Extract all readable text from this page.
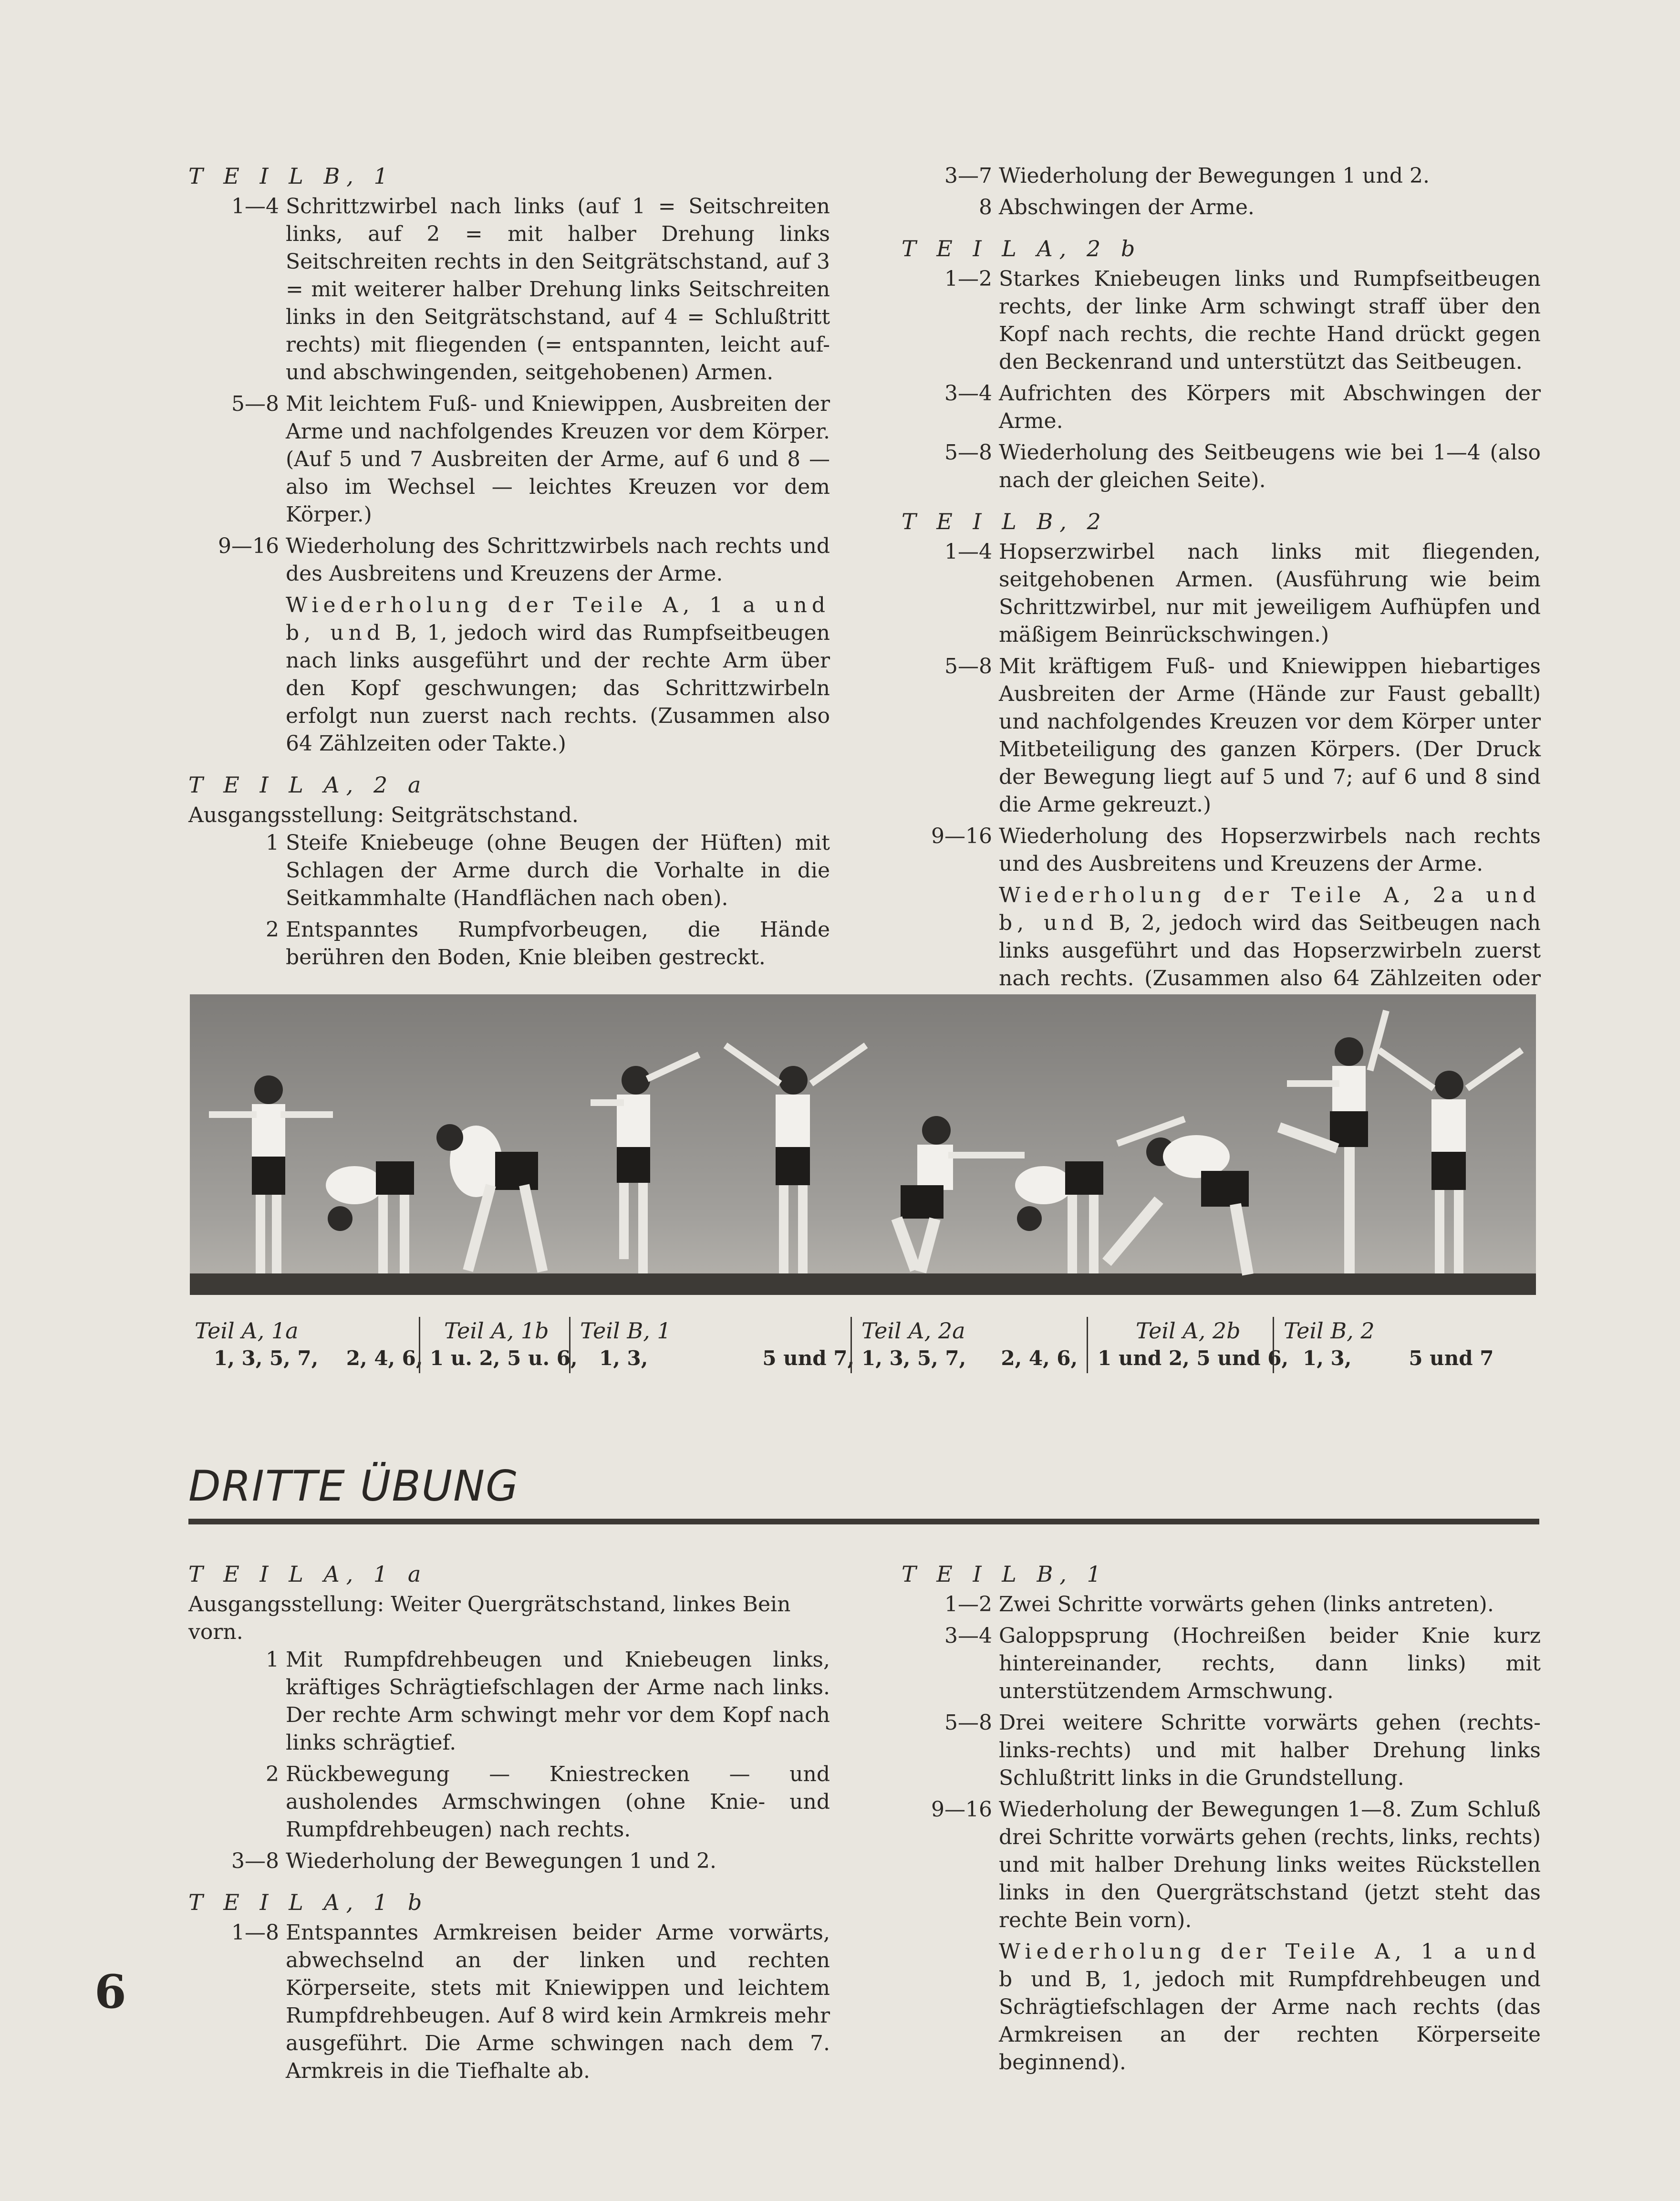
T E I L B, 1
1—4 Schrittzwirbel nach links (auf 1 = Seitschreiten links, auf 2 = mit halber Drehung links Seitschreiten rechts in den Seitgrätschstand, auf 3 = mit weiterer halber Drehung links Seitschreiten links in den Seitgrätschstand, auf 4 = Schlußtritt rechts) mit fliegenden (= entspannten, leicht auf- und abschwingenden, seitgehobenen) Armen.
5—8 Mit leichtem Fuß- und Kniewippen, Ausbreiten der Arme und nachfolgendes Kreuzen vor dem Körper. (Auf 5 und 7 Ausbreiten der Arme, auf 6 und 8 — also im Wechsel — leichtes Kreuzen vor dem Körper.)
9—16 Wiederholung des Schrittzwirbels nach rechts und des Ausbreitens und Kreuzens der Arme.
Wiederholung der Teile A, 1 a und b, und B, 1, jedoch wird das Rumpfseitbeugen nach links ausgeführt und der rechte Arm über den Kopf geschwungen; das Schrittzwirbeln erfolgt nun zuerst nach rechts. (Zusammen also 64 Zählzeiten oder Takte.)
T E I L A, 2 a
Ausgangsstellung: Seitgrätschstand.
1 Steife Kniebeuge (ohne Beugen der Hüften) mit Schlagen der Arme durch die Vorhalte in die Seitkammhalte (Handflächen nach oben).
2 Entspanntes Rumpfvorbeugen, die Hände berühren den Boden, Knie bleiben gestreckt.
3—7 Wiederholung der Bewegungen 1 und 2.
8 Abschwingen der Arme.
T E I L A, 2 b
1—2 Starkes Kniebeugen links und Rumpfseitbeugen rechts, der linke Arm schwingt straff über den Kopf nach rechts, die rechte Hand drückt gegen den Beckenrand und unterstützt das Seitbeugen.
3—4 Aufrichten des Körpers mit Abschwingen der Arme.
5—8 Wiederholung des Seitbeugens wie bei 1—4 (also nach der gleichen Seite).
T E I L B, 2
1—4 Hopserzwirbel nach links mit fliegenden, seitgehobenen Armen. (Ausführung wie beim Schrittzwirbel, nur mit jeweiligem Aufhüpfen und mäßigem Beinrückschwingen.)
5—8 Mit kräftigem Fuß- und Kniewippen hiebartiges Ausbreiten der Arme (Hände zur Faust geballt) und nachfolgendes Kreuzen vor dem Körper unter Mitbeteiligung des ganzen Körpers. (Der Druck der Bewegung liegt auf 5 und 7; auf 6 und 8 sind die Arme gekreuzt.)
9—16 Wiederholung des Hopserzwirbels nach rechts und des Ausbreitens und Kreuzens der Arme.
Wiederholung der Teile A, 2a und b, und B, 2, jedoch wird das Seitbeugen nach links ausgeführt und das Hopserzwirbeln zuerst nach rechts. (Zusammen also 64 Zählzeiten oder
Teil A, 1a
1, 3, 5, 7, 2, 4, 6,
Teil A, 1b
1 u. 2, 5 u. 6,
Teil B, 1
1, 3,	5 und 7,
Teil A, 2a
1, 3, 5, 7, 2, 4, 6,
Teil A, 2b
1 und 2, 5 und 6,
Teil B, 2
1, 3,	5 und 7
DRITTE ÜBUNG
T E I L A, 1 a
Ausgangsstellung: Weiter Quergrätschstand, linkes Bein vorn.
1 Mit Rumpfdrehbeugen und Kniebeugen links, kräftiges Schrägtiefschlagen der Arme nach links. Der rechte Arm schwingt mehr vor dem Kopf nach links schrägtief.
2 Rückbewegung — Kniestrecken — und ausholendes Armschwingen (ohne Knie- und Rumpfdrehbeugen) nach rechts.
3—8 Wiederholung der Bewegungen 1 und 2.
T E I L A, 1 b
1—8 Entspanntes Armkreisen beider Arme vorwärts, abwechselnd an der linken und rechten Körperseite, stets mit Kniewippen und leichtem Rumpfdrehbeugen. Auf 8 wird kein Armkreis mehr ausgeführt. Die Arme schwingen nach dem 7. Armkreis in die Tiefhalte ab.
T E I L B, 1
1—2 Zwei Schritte vorwärts gehen (links antreten).
3—4 Galoppsprung (Hochreißen beider Knie kurz hintereinander, rechts, dann links) mit unterstützendem Armschwung.
5—8 Drei weitere Schritte vorwärts gehen (rechts-links-rechts) und mit halber Drehung links Schlußtritt links in die Grundstellung.
9—16 Wiederholung der Bewegungen 1—8. Zum Schluß drei Schritte vorwärts gehen (rechts, links, rechts) und mit halber Drehung links weites Rückstellen links in den Quergrätschstand (jetzt steht das rechte Bein vorn).
Wiederholung der Teile A, 1 a und b und B, 1, jedoch mit Rumpfdrehbeugen und Schrägtiefschlagen der Arme nach rechts (das Armkreisen an der rechten Körperseite beginnend).
6
